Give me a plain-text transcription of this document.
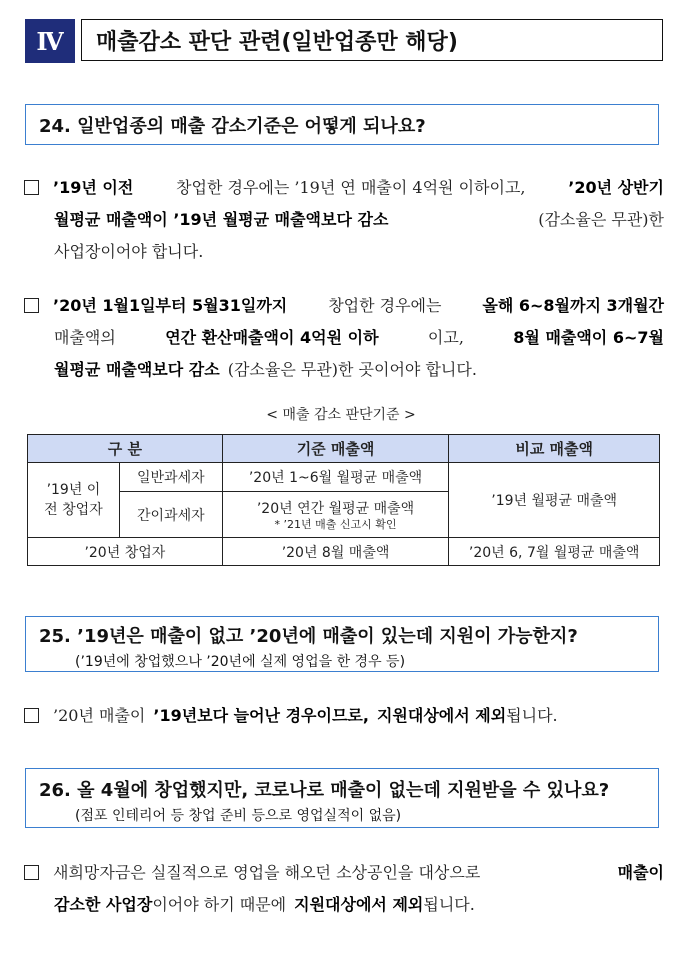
Ⅳ	매출감소 판단 관련(일반업종만 해당)
24. 일반업종의 매출 감소기준은 어떻게 되나요?
’19년 이전	창업한 경우에는 ’19년 연 매출이 4억원 이하이고,	’20년 상반기
월평균 매출액이 ’19년 월평균 매출액보다 감소	(감소율은 무관)한
사업장이어야 합니다.
’20년 1월1일부터 5월31일까지	창업한 경우에는	올해 6~8월까지 3개월간
매출액의	연간 환산매출액이 4억원 이하	이고,	8월 매출액이 6~7월
월평균 매출액보다 감소 (감소율은 무관)한 곳이어야 합니다.
< 매출 감소 판단기준 >
구 분		기준 매출액	비교 매출액
’19년 이전 창업자	일반과세자	’20년 1~6월 월평균 매출액	’19년 월평균 매출액
	간이과세자	’20년 연간 월평균 매출액
* ’21년 매출 신고시 확인	

’20년 창업자		’20년 8월 매출액	’20년 6, 7월 월평균 매출액
25. ’19년은 매출이 없고 ’20년에 매출이 있는데 지원이 가능한지?
(’19년에 창업했으나 ’20년에 실제 영업을 한 경우 등)
’20년 매출이 ’19년보다 늘어난 경우이므로, 지원대상에서 제외됩니다.
26. 올 4월에 창업했지만, 코로나로 매출이 없는데 지원받을 수 있나요?
(점포 인테리어 등 창업 준비 등으로 영업실적이 없음)
새희망자금은 실질적으로 영업을 해오던 소상공인을 대상으로	매출이
감소한 사업장이어야 하기 때문에 지원대상에서 제외됩니다.
